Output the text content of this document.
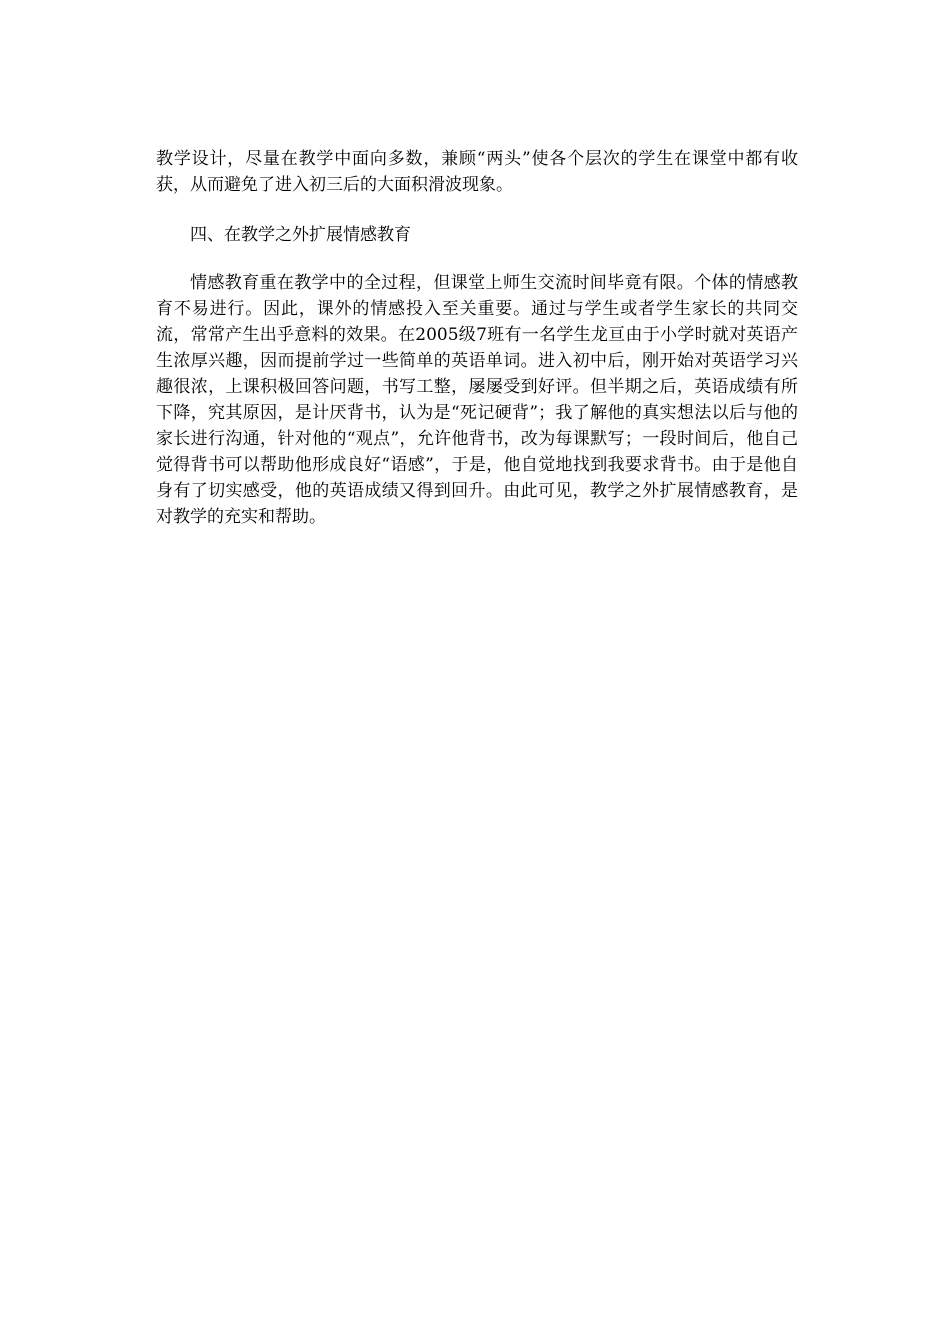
教学设计，尽量在教学中面向多数，兼顾“两头”使各个层次的学生在课堂中都有收获，从而避免了进入初三后的大面积滑波现象。

四、在教学之外扩展情感教育

情感教育重在教学中的全过程，但课堂上师生交流时间毕竟有限。个体的情感教育不易进行。因此，课外的情感投入至关重要。通过与学生或者学生家长的共同交流，常常产生出乎意料的效果。在2005级7班有一名学生龙亘由于小学时就对英语产生浓厚兴趣，因而提前学过一些简单的英语单词。进入初中后，刚开始对英语学习兴趣很浓，上课积极回答问题，书写工整，屡屡受到好评。但半期之后，英语成绩有所下降，究其原因，是计厌背书，认为是“死记硬背”；我了解他的真实想法以后与他的家长进行沟通，针对他的“观点”，允许他背书，改为每课默写；一段时间后，他自己觉得背书可以帮助他形成良好“语感”，于是，他自觉地找到我要求背书。由于是他自身有了切实感受，他的英语成绩又得到回升。由此可见，教学之外扩展情感教育，是对教学的充实和帮助。
